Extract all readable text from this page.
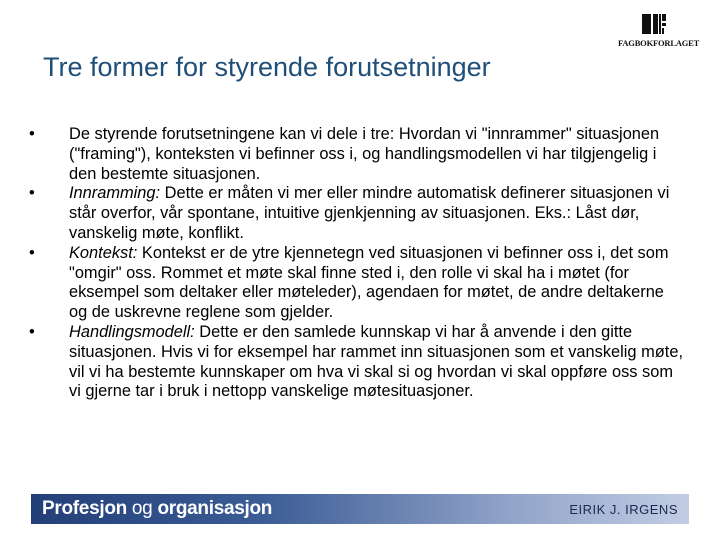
FAGBOKFORLAGET
Tre former for styrende forutsetninger
• De styrende forutsetningene kan vi dele i tre: Hvordan vi "innrammer" situasjonen ("framing"), konteksten vi befinner oss i, og handlingsmodellen vi har tilgjengelig i den bestemte situasjonen.
• Innramming: Dette er måten vi mer eller mindre automatisk definerer situasjonen vi står overfor, vår spontane, intuitive gjenkjenning av situasjonen. Eks.: Låst dør, vanskelig møte, konflikt.
• Kontekst: Kontekst er de ytre kjennetegn ved situasjonen vi befinner oss i, det som "omgir" oss. Rommet et møte skal finne sted i, den rolle vi skal ha i møtet (for eksempel som deltaker eller møteleder), agendaen for møtet, de andre deltakerne og de uskrevne reglene som gjelder.
• Handlingsmodell: Dette er den samlede kunnskap vi har å anvende i den gitte situasjonen. Hvis vi for eksempel har rammet inn situasjonen som et vanskelig møte, vil vi ha bestemte kunnskaper om hva vi skal si og hvordan vi skal oppføre oss som vi gjerne tar i bruk i nettopp vanskelige møtesituasjoner.
Profesjon og organisasjon	EIRIK J. IRGENS
